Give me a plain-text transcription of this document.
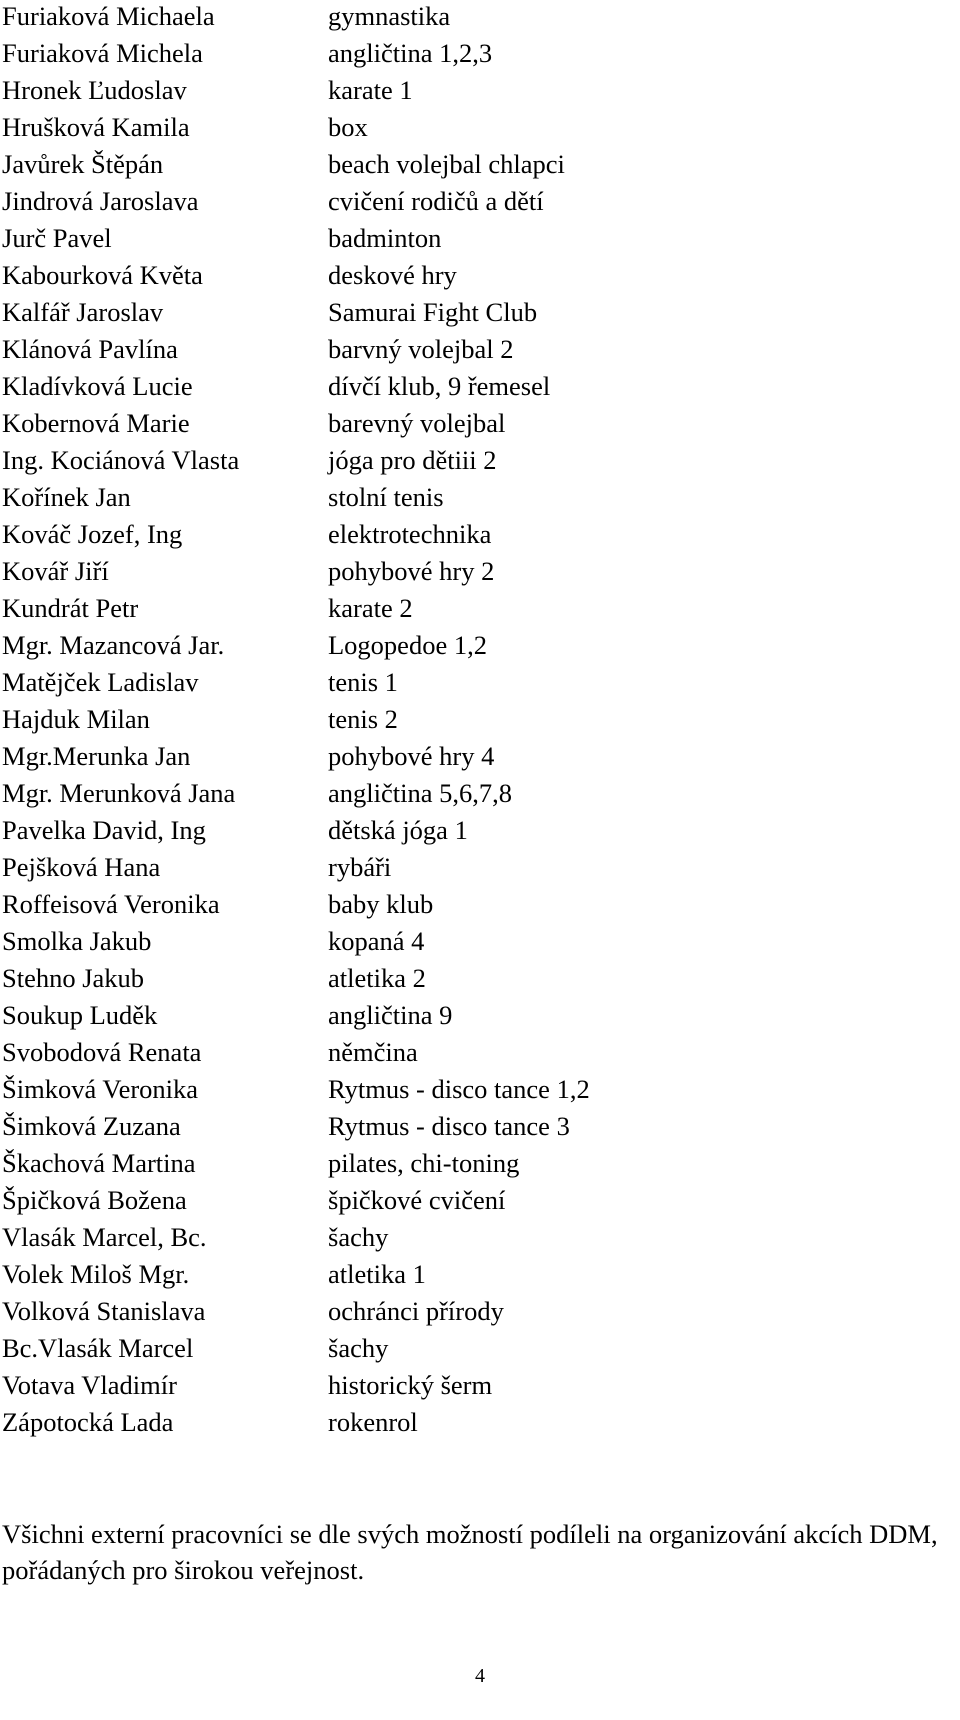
Furiaková Michaela	gymnastika
Furiaková Michela	angličtina 1,2,3
Hronek Ľudoslav	karate 1
Hrušková Kamila	box
Javůrek Štěpán	beach volejbal chlapci
Jindrová Jaroslava	cvičení rodičů a dětí
Jurč Pavel	badminton
Kabourková Květa	deskové hry
Kalfář Jaroslav	Samurai Fight Club
Klánová Pavlína	barvný volejbal 2
Kladívková Lucie	dívčí klub, 9 řemesel
Kobernová Marie	barevný volejbal
Ing. Kociánová Vlasta	jóga pro dětiii 2
Kořínek Jan	stolní tenis
Kováč Jozef, Ing	elektrotechnika
Kovář Jiří	pohybové hry 2
Kundrát Petr	karate 2
Mgr. Mazancová Jar.	Logopedoe 1,2
Matějček Ladislav	tenis 1
Hajduk Milan	tenis 2
Mgr.Merunka Jan	pohybové hry 4
Mgr. Merunková Jana	angličtina 5,6,7,8
Pavelka David, Ing	dětská jóga 1
Pejšková Hana	rybáři
Roffeisová Veronika	baby klub
Smolka Jakub	kopaná 4
Stehno Jakub	atletika 2
Soukup Luděk	angličtina 9
Svobodová Renata	němčina
Šimková Veronika	Rytmus - disco tance 1,2
Šimková Zuzana	Rytmus - disco tance 3
Škachová Martina	pilates, chi-toning
Špičková Božena	špičkové cvičení
Vlasák Marcel, Bc.	šachy
Volek Miloš Mgr.	atletika 1
Volková Stanislava	ochránci přírody
Bc.Vlasák Marcel	šachy
Votava Vladimír	historický šerm
Zápotocká Lada	rokenrol
Všichni externí pracovníci se dle svých možností podíleli na organizování akcích DDM, pořádaných pro širokou veřejnost.
4
